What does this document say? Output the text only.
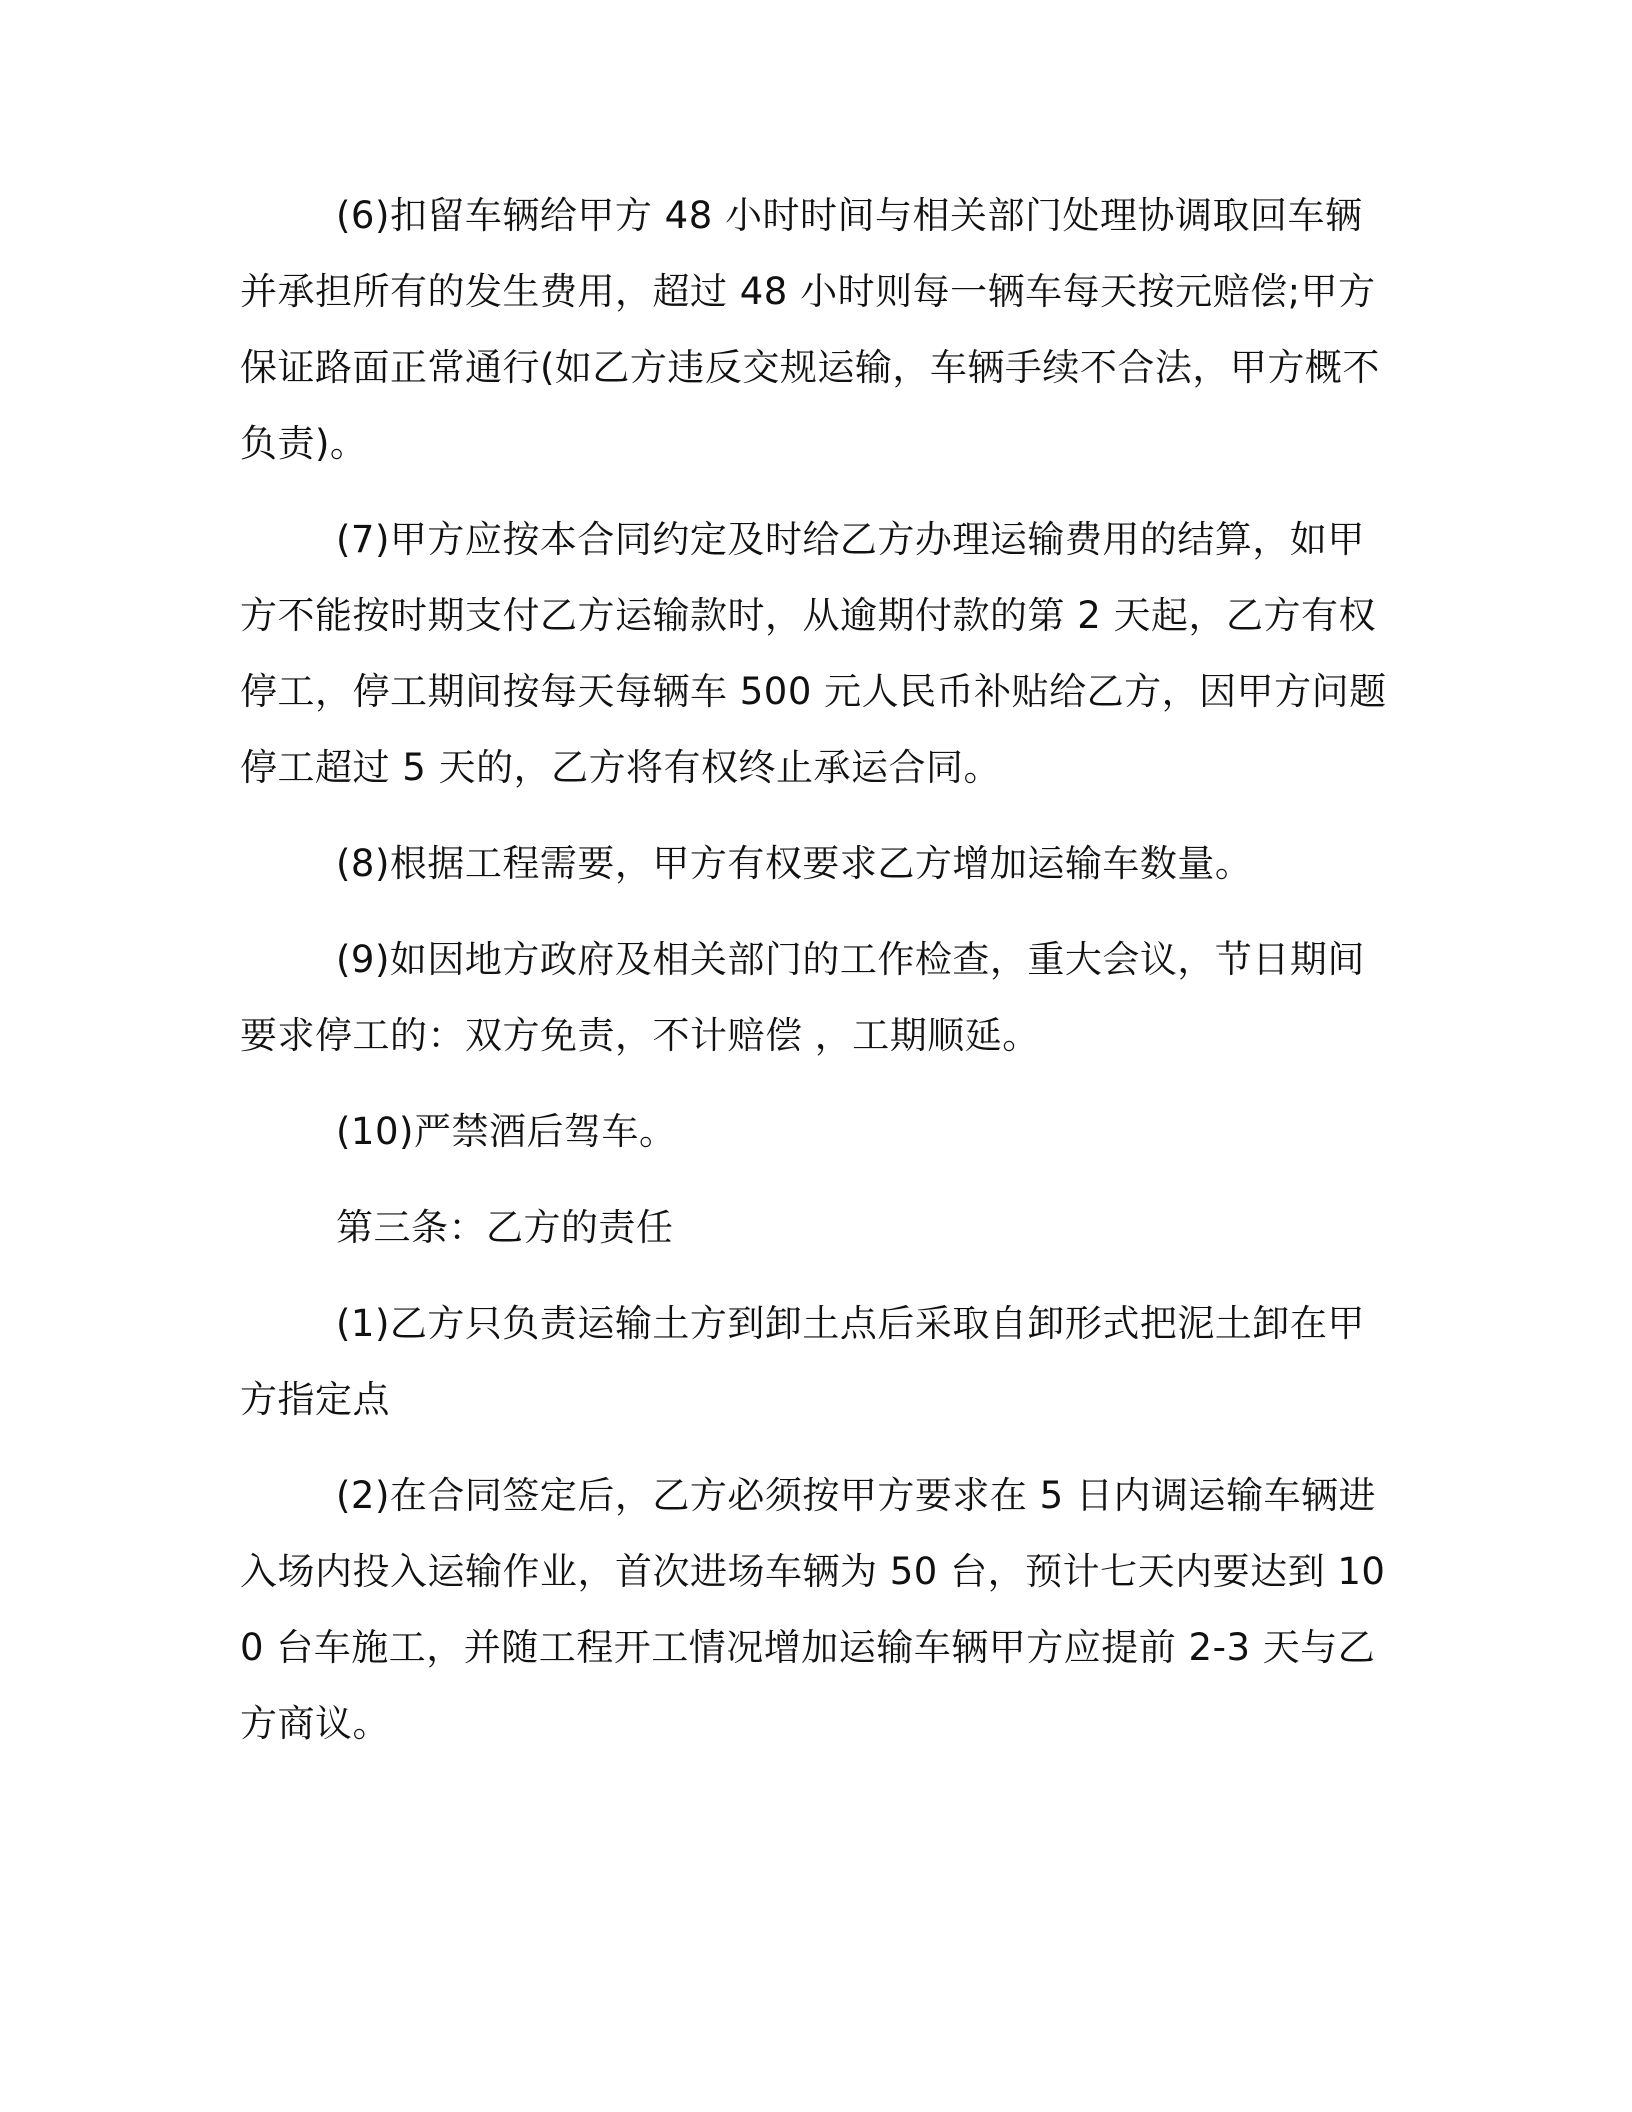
(6)扣留车辆给甲方 48 小时时间与相关部门处理协调取回车辆并承担所有的发生费用，超过 48 小时则每一辆车每天按元赔偿;甲方保证路面正常通行(如乙方违反交规运输，车辆手续不合法，甲方概不负责)。

(7)甲方应按本合同约定及时给乙方办理运输费用的结算，如甲方不能按时期支付乙方运输款时，从逾期付款的第 2 天起，乙方有权停工，停工期间按每天每辆车 500 元人民币补贴给乙方，因甲方问题停工超过 5 天的，乙方将有权终止承运合同。

(8)根据工程需要，甲方有权要求乙方增加运输车数量。

(9)如因地方政府及相关部门的工作检查，重大会议，节日期间要求停工的：双方免责，不计赔偿 ，工期顺延。

(10)严禁酒后驾车。

第三条：乙方的责任

(1)乙方只负责运输土方到卸土点后采取自卸形式把泥土卸在甲方指定点

(2)在合同签定后，乙方必须按甲方要求在 5 日内调运输车辆进入场内投入运输作业，首次进场车辆为 50 台，预计七天内要达到 100 台车施工，并随工程开工情况增加运输车辆甲方应提前 2-3 天与乙方商议。
